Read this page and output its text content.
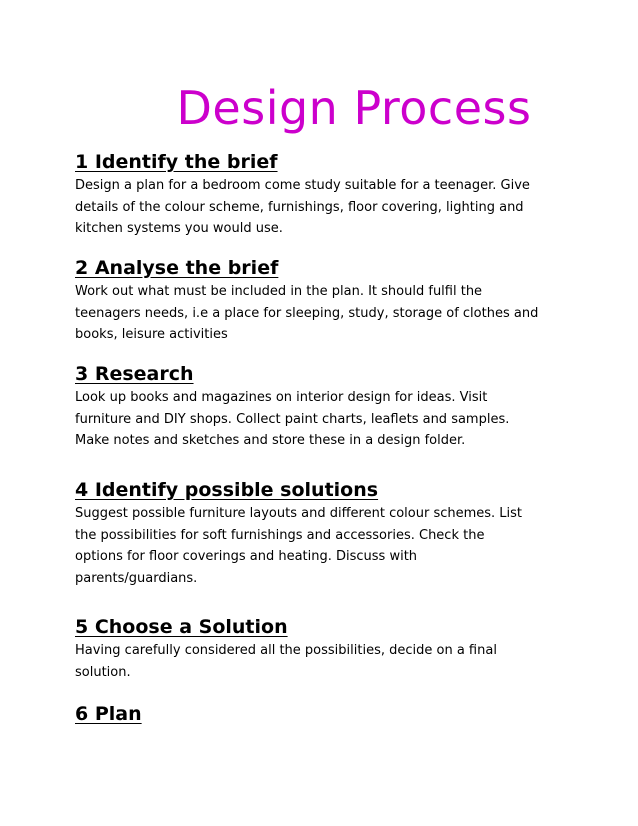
Design Process
1 Identify the brief
Design a plan for a bedroom come study suitable for a teenager. Give
details of the colour scheme, furnishings, floor covering, lighting and
kitchen systems you would use.
2 Analyse the brief
Work out what must be included in the plan. It should fulfil the
teenagers needs, i.e a place for sleeping, study, storage of clothes and
books, leisure activities
3 Research
Look up books and magazines on interior design for ideas. Visit
furniture and DIY shops. Collect paint charts, leaflets and samples.
Make notes and sketches and store these in a design folder.
4 Identify possible solutions
Suggest possible furniture layouts and different colour schemes. List
the possibilities for soft furnishings and accessories. Check the
options for floor coverings and heating. Discuss with
parents/guardians.
5 Choose a Solution
Having carefully considered all the possibilities, decide on a final
solution.
6 Plan
